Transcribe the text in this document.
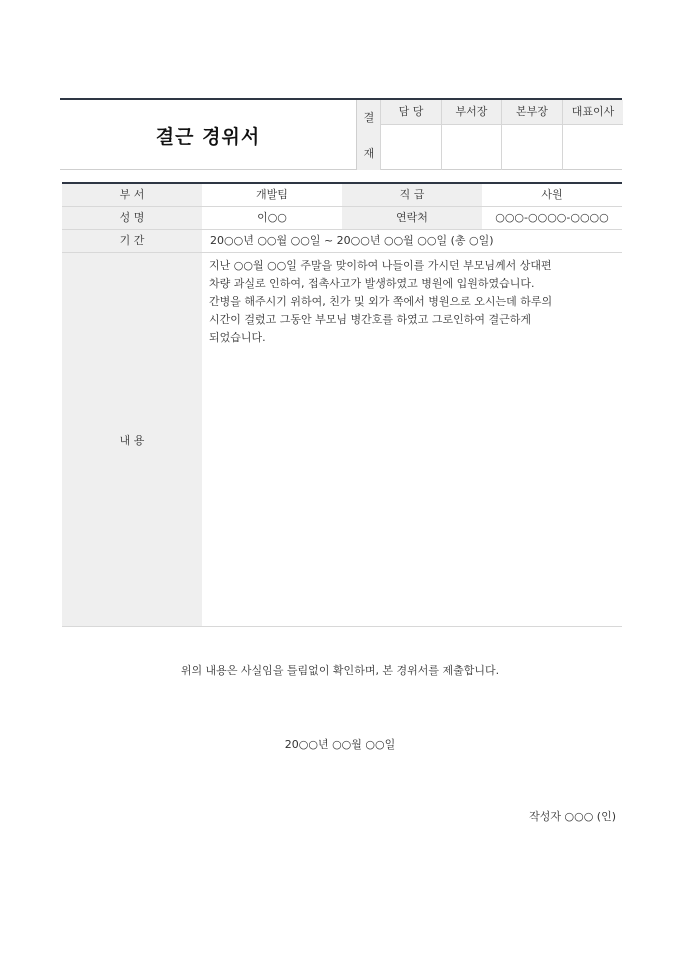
결근 경위서
결
재
담 당	부서장	본부장	대표이사
부 서	개발팀	직 급	사원
성 명	이○○	연락처	○○○-○○○○-○○○○
기 간	20○○년 ○○월 ○○일 ~ 20○○년 ○○월 ○○일 (총 ○일)
내 용
지난 ○○월 ○○일 주말을 맞이하여 나들이를 가시던 부모님께서 상대편
차량 과실로 인하여, 접촉사고가 발생하였고 병원에 입원하였습니다.
간병을 해주시기 위하여, 친가 및 외가 쪽에서 병원으로 오시는데 하루의
시간이 걸렸고 그동안 부모님 병간호를 하였고 그로인하여 결근하게
되었습니다.
위의 내용은 사실임을 틀림없이 확인하며, 본 경위서를 제출합니다.
20○○년 ○○월 ○○일
작성자 ○○○ (인)
